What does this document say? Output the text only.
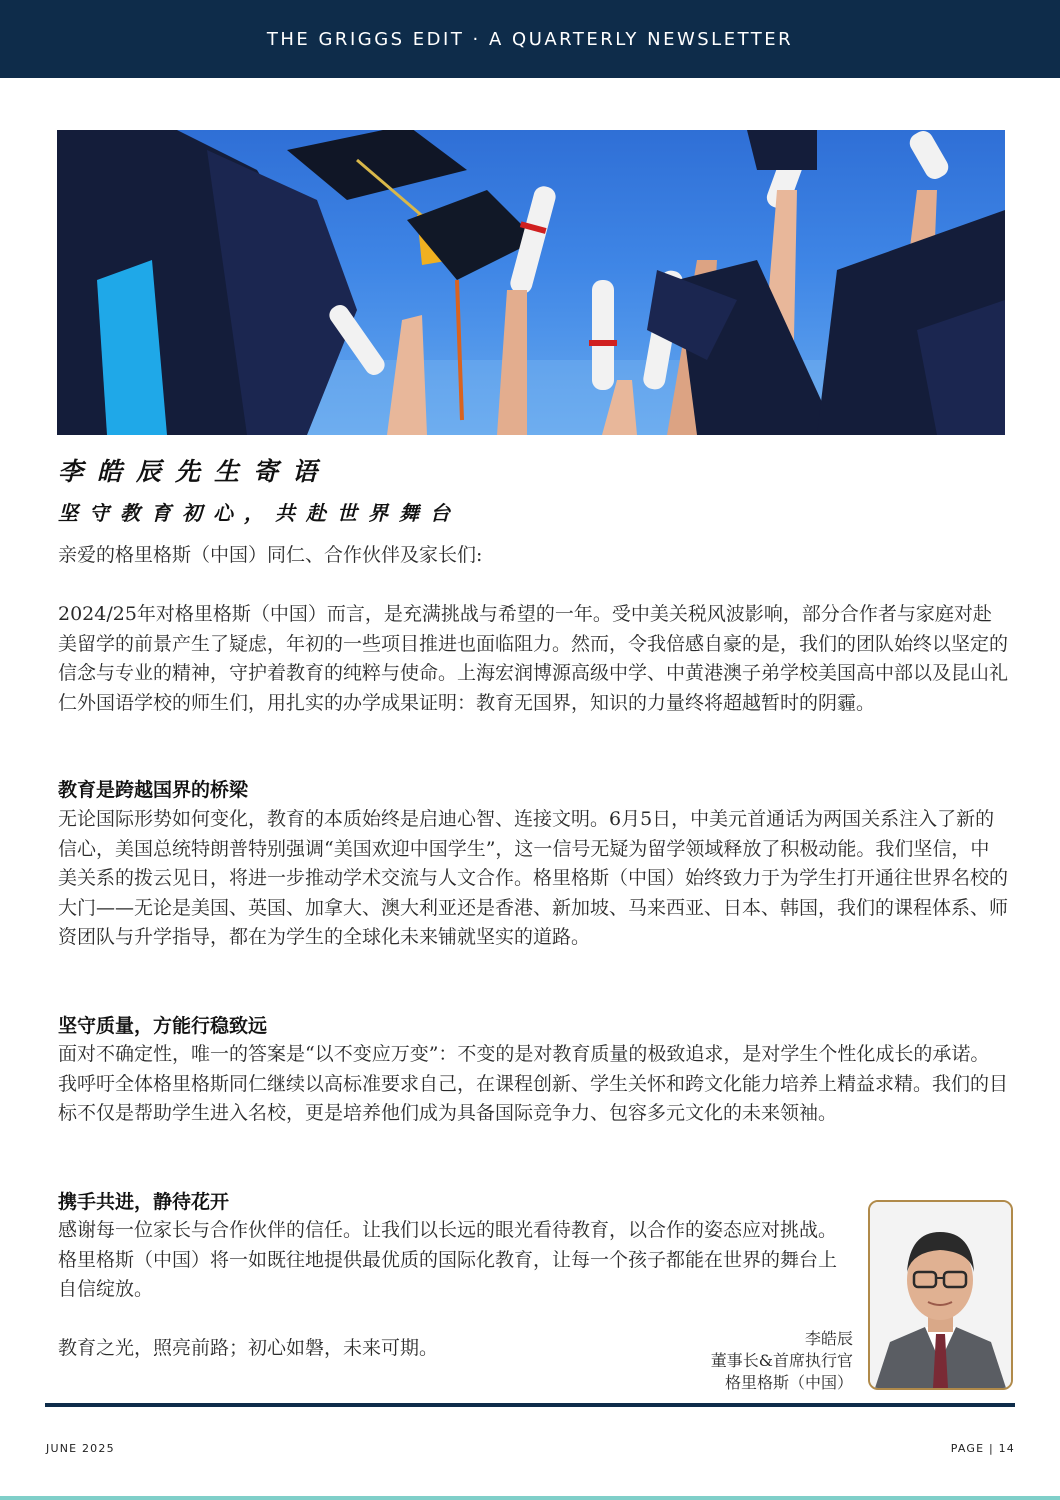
THE GRIGGS EDIT · A QUARTERLY NEWSLETTER
李皓辰先生寄语
坚守教育初心，共赴世界舞台

亲爱的格里格斯（中国）同仁、合作伙伴及家长们:

2024/25年对格里格斯（中国）而言，是充满挑战与希望的一年。受中美关税风波影响，部分合作者与家庭对赴美留学的前景产生了疑虑，年初的一些项目推进也面临阻力。然而，令我倍感自豪的是，我们的团队始终以坚定的信念与专业的精神，守护着教育的纯粹与使命。上海宏润博源高级中学、中黄港澳子弟学校美国高中部以及昆山礼仁外国语学校的师生们，用扎实的办学成果证明：教育无国界，知识的力量终将超越暂时的阴霾。

教育是跨越国界的桥梁

无论国际形势如何变化，教育的本质始终是启迪心智、连接文明。6月5日，中美元首通话为两国关系注入了新的信心，美国总统特朗普特别强调“美国欢迎中国学生”，这一信号无疑为留学领域释放了积极动能。我们坚信，中美关系的拨云见日，将进一步推动学术交流与人文合作。格里格斯（中国）始终致力于为学生打开通往世界名校的大门——无论是美国、英国、加拿大、澳大利亚还是香港、新加坡、马来西亚、日本、韩国，我们的课程体系、师资团队与升学指导，都在为学生的全球化未来铺就坚实的道路。

坚守质量，方能行稳致远

面对不确定性，唯一的答案是“以不变应万变”：不变的是对教育质量的极致追求，是对学生个性化成长的承诺。我呼吁全体格里格斯同仁继续以高标准要求自己，在课程创新、学生关怀和跨文化能力培养上精益求精。我们的目标不仅是帮助学生进入名校，更是培养他们成为具备国际竞争力、包容多元文化的未来领袖。

携手共进，静待花开

感谢每一位家长与合作伙伴的信任。让我们以长远的眼光看待教育，以合作的姿态应对挑战。格里格斯（中国）将一如既往地提供最优质的国际化教育，让每一个孩子都能在世界的舞台上自信绽放。

教育之光，照亮前路；初心如磐，未来可期。	李皓辰
董事长&首席执行官
格里格斯（中国）
JUNE 2025	PAGE | 14
